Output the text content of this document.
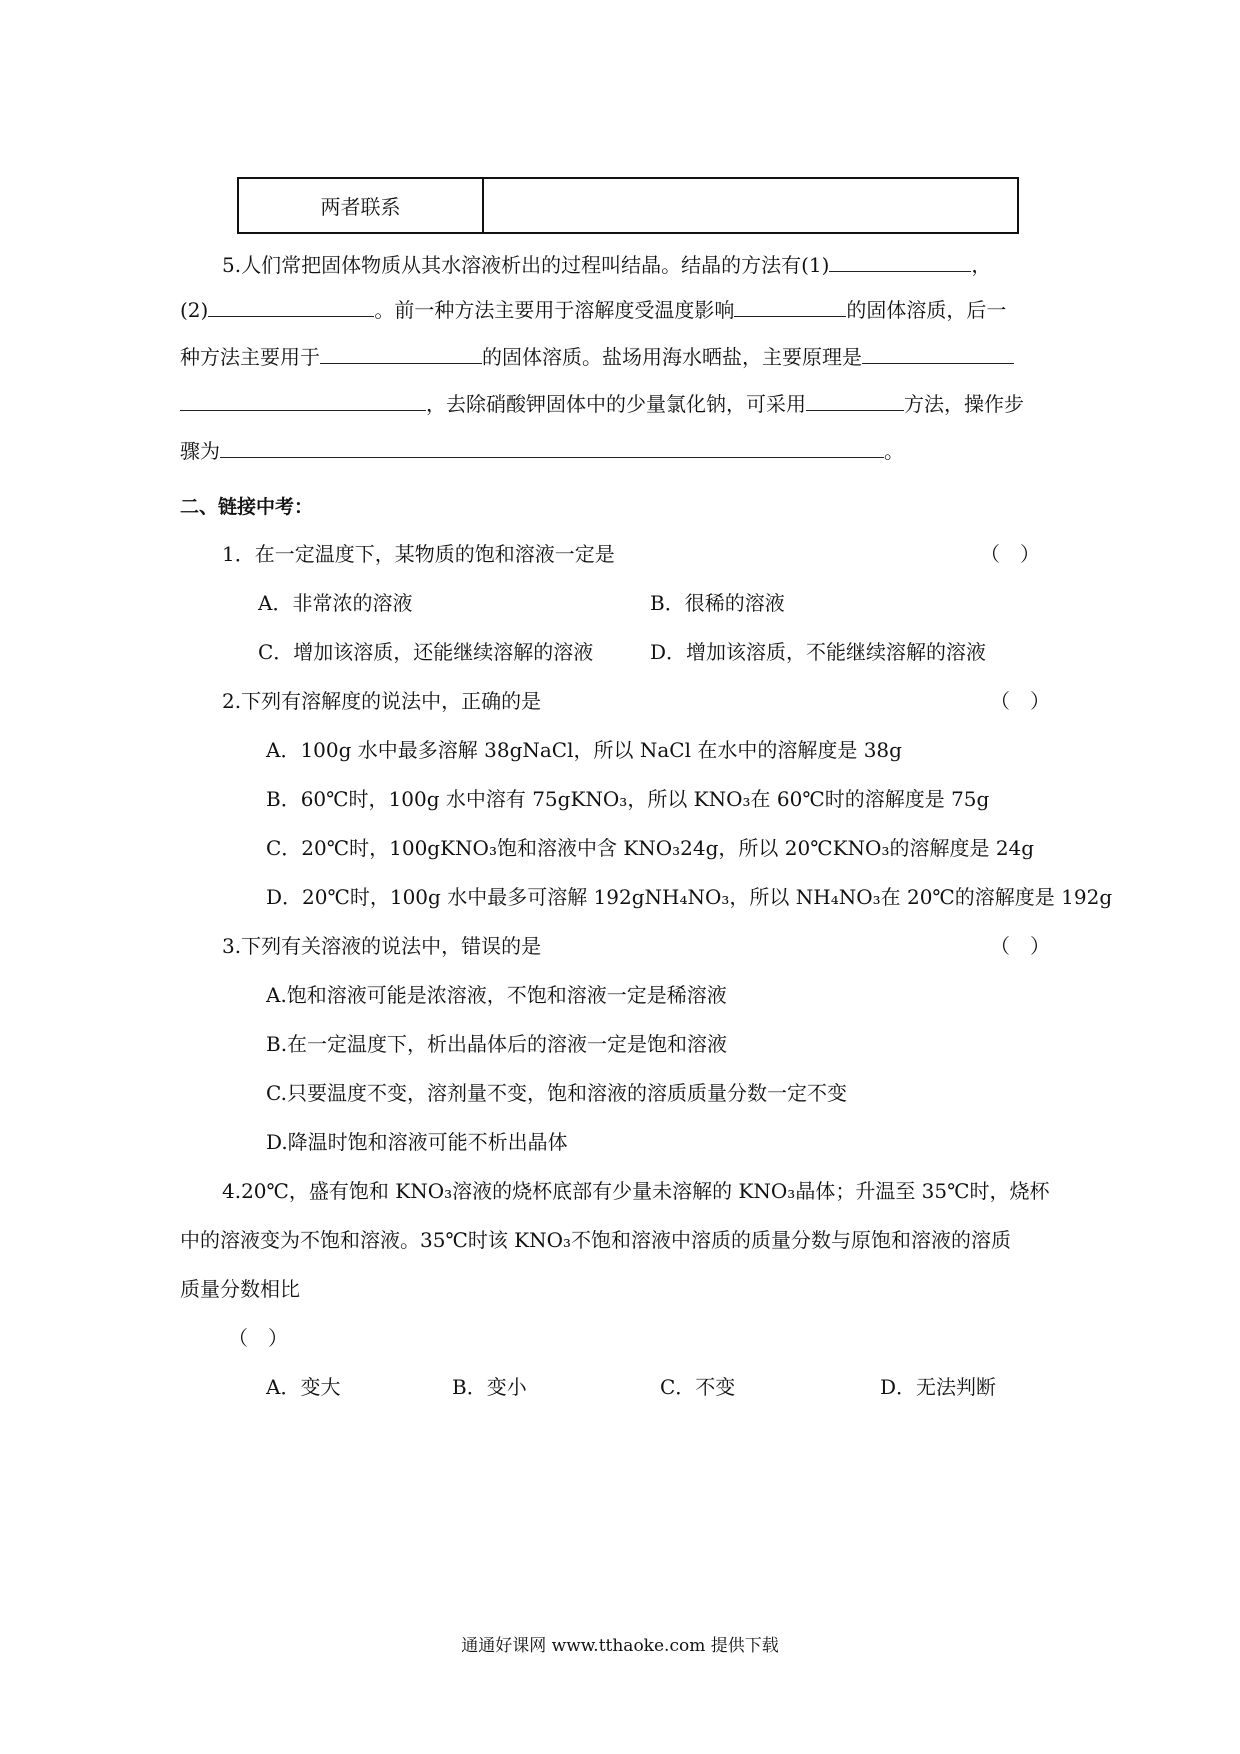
两者联系	
5.人们常把固体物质从其水溶液析出的过程叫结晶。结晶的方法有(1)	，
(2)	。前一种方法主要用于溶解度受温度影响	的固体溶质，后一
种方法主要用于	的固体溶质。盐场用海水晒盐，主要原理是
，去除硝酸钾固体中的少量氯化钠，可采用	方法，操作步
骤为	。
二、链接中考：
1．在一定温度下，某物质的饱和溶液一定是	（　）
A．非常浓的溶液	B．很稀的溶液
C．增加该溶质，还能继续溶解的溶液	D．增加该溶质，不能继续溶解的溶液
2.下列有溶解度的说法中，正确的是	（　）
A．100g 水中最多溶解 38gNaCl，所以 NaCl 在水中的溶解度是 38g
B．60℃时，100g 水中溶有 75gKNO₃，所以 KNO₃在 60℃时的溶解度是 75g
C．20℃时，100gKNO₃饱和溶液中含 KNO₃24g，所以 20℃KNO₃的溶解度是 24g
D．20℃时，100g 水中最多可溶解 192gNH₄NO₃，所以 NH₄NO₃在 20℃的溶解度是 192g
3.下列有关溶液的说法中，错误的是	（　）
A.饱和溶液可能是浓溶液，不饱和溶液一定是稀溶液
B.在一定温度下，析出晶体后的溶液一定是饱和溶液
C.只要温度不变，溶剂量不变，饱和溶液的溶质质量分数一定不变
D.降温时饱和溶液可能不析出晶体
4.20℃，盛有饱和 KNO₃溶液的烧杯底部有少量未溶解的 KNO₃晶体；升温至 35℃时，烧杯
中的溶液变为不饱和溶液。35℃时该 KNO₃不饱和溶液中溶质的质量分数与原饱和溶液的溶质
质量分数相比
（　）
A．变大	B．变小	C．不变	D．无法判断
通通好课网 www.tthaoke.com 提供下载
